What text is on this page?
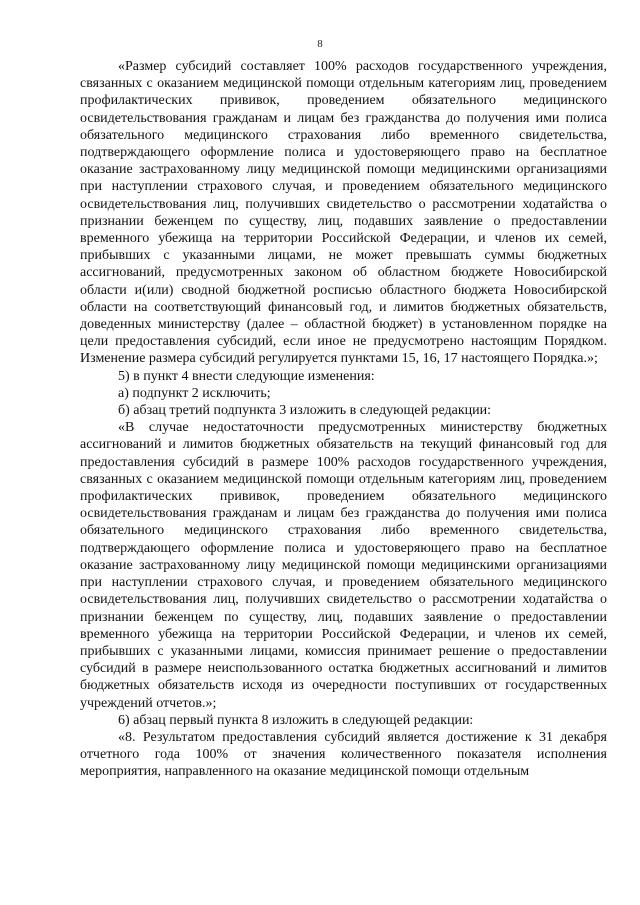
8

«Размер субсидий составляет 100% расходов государственного учреждения, связанных с оказанием медицинской помощи отдельным категориям лиц, проведением профилактических прививок, проведением обязательного медицинского освидетельствования гражданам и лицам без гражданства до получения ими полиса обязательного медицинского страхования либо временного свидетельства, подтверждающего оформление полиса и удостоверяющего право на бесплатное оказание застрахованному лицу медицинской помощи медицинскими организациями при наступлении страхового случая, и проведением обязательного медицинского освидетельствования лиц, получивших свидетельство о рассмотрении ходатайства о признании беженцем по существу, лиц, подавших заявление о предоставлении временного убежища на территории Российской Федерации, и членов их семей, прибывших с указанными лицами, не может превышать суммы бюджетных ассигнований, предусмотренных законом об областном бюджете Новосибирской области и(или) сводной бюджетной росписью областного бюджета Новосибирской области на соответствующий финансовый год, и лимитов бюджетных обязательств, доведенных министерству (далее – областной бюджет) в установленном порядке на цели предоставления субсидий, если иное не предусмотрено настоящим Порядком. Изменение размера субсидий регулируется пунктами 15, 16, 17 настоящего Порядка.»;

5) в пункт 4 внести следующие изменения:

а) подпункт 2 исключить;

б) абзац третий подпункта 3 изложить в следующей редакции:

«В случае недостаточности предусмотренных министерству бюджетных ассигнований и лимитов бюджетных обязательств на текущий финансовый год для предоставления субсидий в размере 100% расходов государственного учреждения, связанных с оказанием медицинской помощи отдельным категориям лиц, проведением профилактических прививок, проведением обязательного медицинского освидетельствования гражданам и лицам без гражданства до получения ими полиса обязательного медицинского страхования либо временного свидетельства, подтверждающего оформление полиса и удостоверяющего право на бесплатное оказание застрахованному лицу медицинской помощи медицинскими организациями при наступлении страхового случая, и проведением обязательного медицинского освидетельствования лиц, получивших свидетельство о рассмотрении ходатайства о признании беженцем по существу, лиц, подавших заявление о предоставлении временного убежища на территории Российской Федерации, и членов их семей, прибывших с указанными лицами, комиссия принимает решение о предоставлении субсидий в размере неиспользованного остатка бюджетных ассигнований и лимитов бюджетных обязательств исходя из очередности поступивших от государственных учреждений отчетов.»;

6) абзац первый пункта 8 изложить в следующей редакции:

«8. Результатом предоставления субсидий является достижение к 31 декабря отчетного года 100% от значения количественного показателя исполнения мероприятия, направленного на оказание медицинской помощи отдельным
